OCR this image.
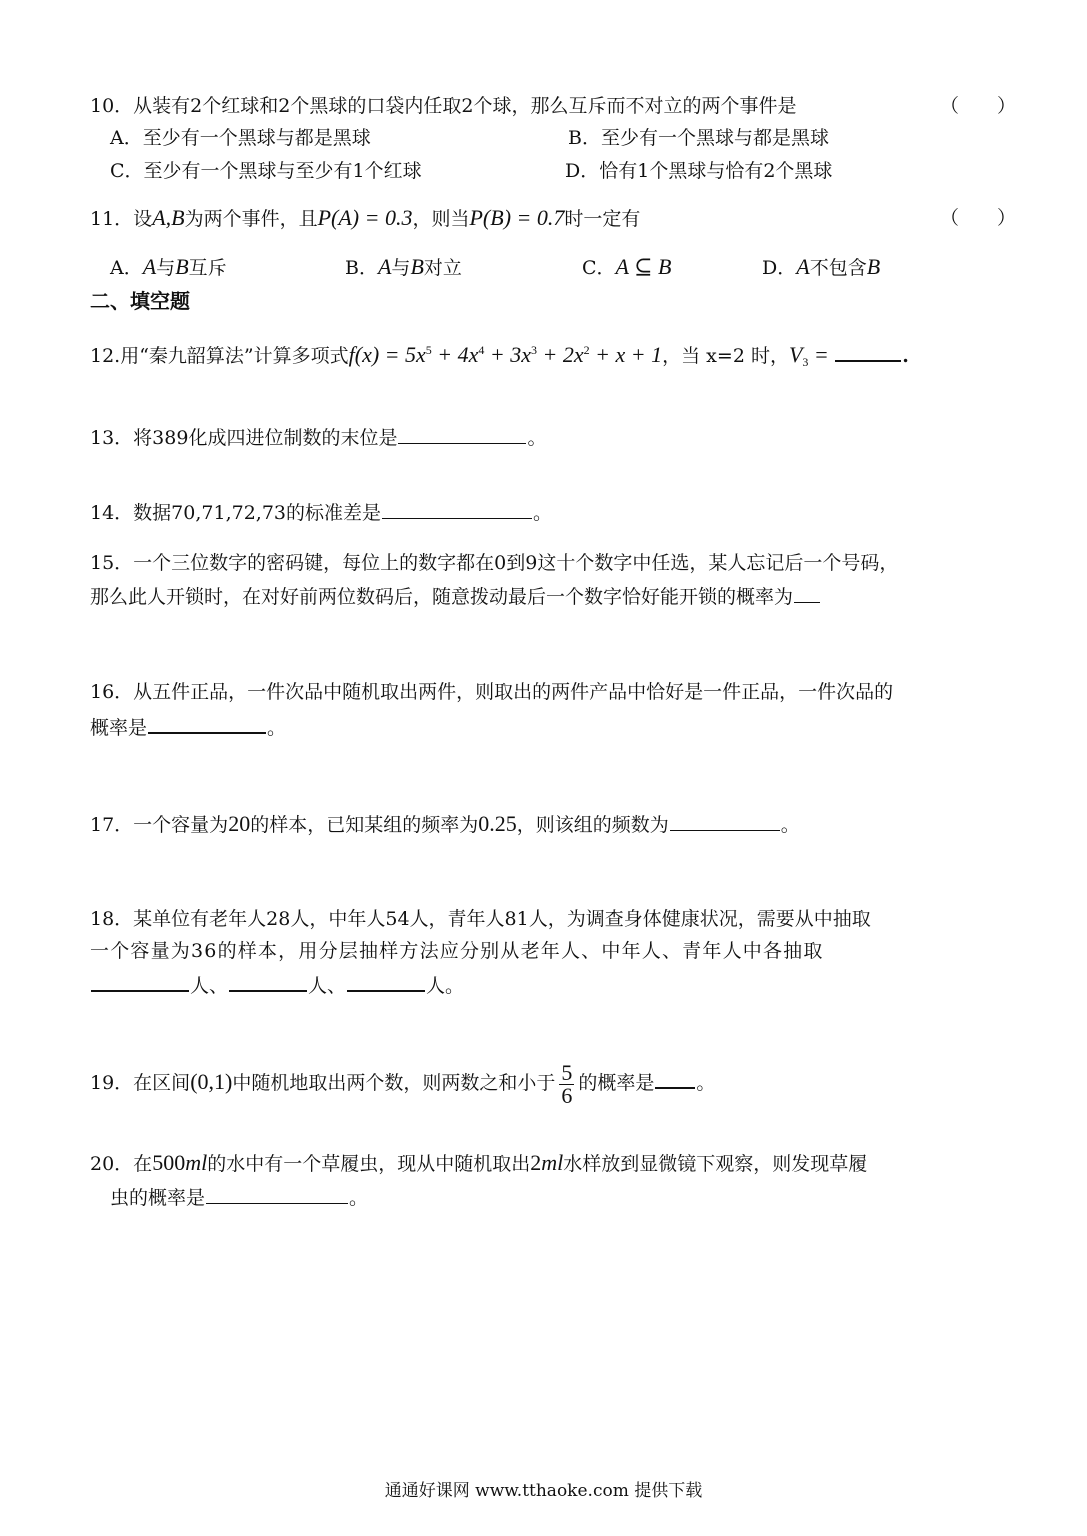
10．从装有2个红球和2个黑球的口袋内任取2个球，那么互斥而不对立的两个事件是	（　　）
A．至少有一个黑球与都是黑球	B．至少有一个黑球与都是黑球
C．至少有一个黑球与至少有1个红球	D．恰有1个黑球与恰有2个黑球
11．设A,B为两个事件，且P(A) = 0.3，则当P(B) = 0.7时一定有	（　　）
A．A与B互斥	B．A与B对立	C．A ⊆ B	D．A不包含B
二、填空题
12.用“秦九韶算法”计算多项式$f(x) = 5x^5 + 4x^4 + 3x^3 + 2x^2 + x + 1$，当 x=2 时，$V_3$ =	.
13．将389化成四进位制数的末位是	。
14．数据70,71,72,73的标准差是	。
15．一个三位数字的密码键，每位上的数字都在0到9这十个数字中任选，某人忘记后一个号码，
那么此人开锁时，在对好前两位数码后，随意拨动最后一个数字恰好能开锁的概率为
16．从五件正品，一件次品中随机取出两件，则取出的两件产品中恰好是一件正品，一件次品的
概率是	。
17．一个容量为20的样本，已知某组的频率为0.25，则该组的频数为	。
18．某单位有老年人28人，中年人54人，青年人81人，为调查身体健康状况，需要从中抽取
一个容量为36的样本，用分层抽样方法应分别从老年人、中年人、青年人中各抽取
人、	人、	人。
19．在区间(0,1)中随机地取出两个数，则两数之和小于 $\frac{5}{6}$ 的概率是 。
20．在500ml的水中有一个草履虫，现从中随机取出2ml水样放到显微镜下观察，则发现草履
虫的概率是	。
通通好课网 www.tthaoke.com 提供下载
